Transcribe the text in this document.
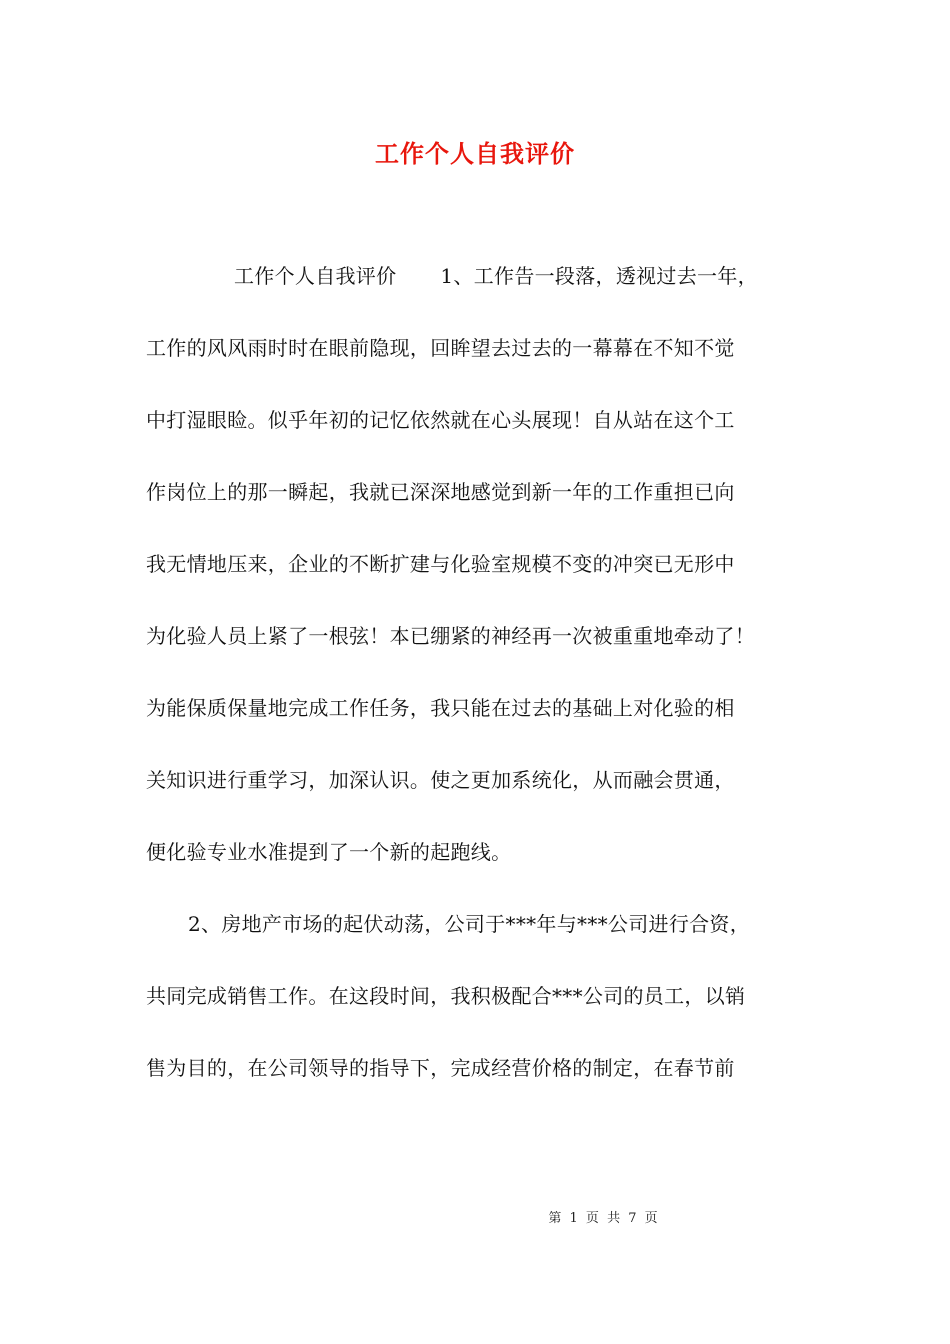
工作个人自我评价
工作个人自我评价 1、工作告一段落，透视过去一年，
工作的风风雨时时在眼前隐现，回眸望去过去的一幕幕在不知不觉
中打湿眼睑。似乎年初的记忆依然就在心头展现！自从站在这个工
作岗位上的那一瞬起，我就已深深地感觉到新一年的工作重担已向
我无情地压来，企业的不断扩建与化验室规模不变的冲突已无形中
为化验人员上紧了一根弦！本已绷紧的神经再一次被重重地牵动了！
为能保质保量地完成工作任务，我只能在过去的基础上对化验的相
关知识进行重学习，加深认识。使之更加系统化，从而融会贯通，
便化验专业水准提到了一个新的起跑线。
2、房地产市场的起伏动荡，公司于***年与***公司进行合资，
共同完成销售工作。在这段时间，我积极配合***公司的员工，以销
售为目的，在公司领导的指导下，完成经营价格的制定，在春节前
第 1 页 共 7 页
